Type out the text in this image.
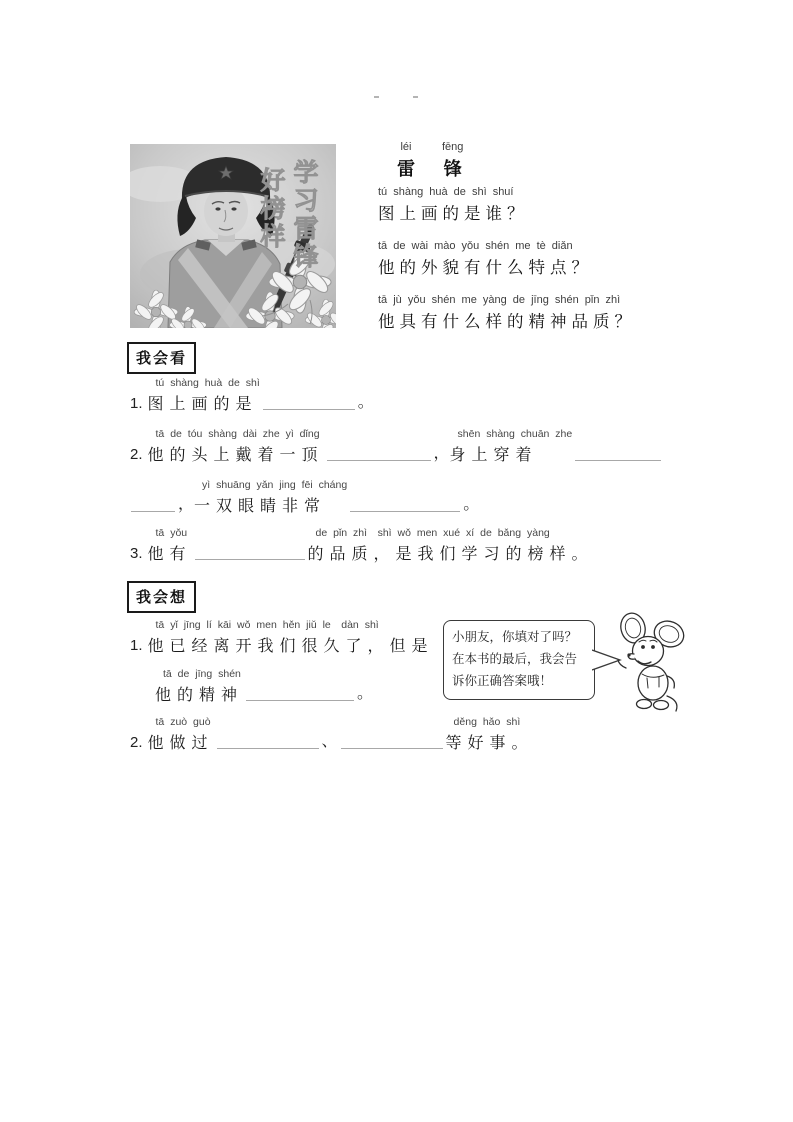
学
习
雷
锋
好
榜
样
léi
雷
fēng
锋
tú shàng huà de shì shuí
图上画的是谁？
tā de wài mào yǒu shén me tè diǎn
他的外貌有什么特点？
tā jù yǒu shén me yàng de jīng shén pǐn zhì
他具有什么样的精神品质？
我会看
1.
tú shàng huà de shì
图上画的是	。
2.
tā de tóu shàng dài zhe yì dǐng
他的头上戴着一顶	，
shēn shàng chuān zhe
身上穿着
，
yì shuāng yǎn jing fēi cháng
一双眼睛非常	。
3.
tā yǒu
他有
de pǐn zhì shì wǒ men xué xí de bǎng yàng
的品质，是我们学习的榜样。
我会想
1.
tā yǐ jīng lí kāi wǒ men hěn jiǔ le dàn shì
他已经离开我们很久了，但是
tā de jīng shén
他的精神	。
2.
tā zuò guò
他做过	、
děng hǎo shì
等好事。
小朋友，你填对了吗？
在本书的最后，我会告
诉你正确答案哦！
